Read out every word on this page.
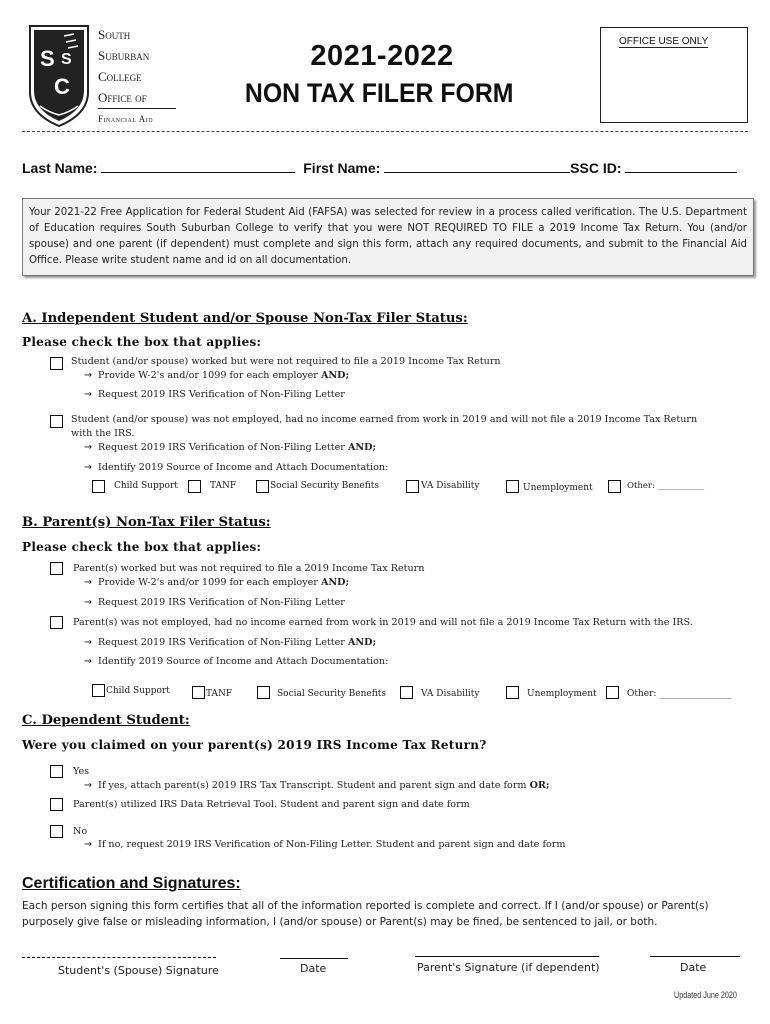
S S
C
South
Suburban
College
Office of
Financial Aid
2021-2022
NON TAX FILER FORM
OFFICE USE ONLY
Last Name:	First Name:	SSC ID:
Your 2021-22 Free Application for Federal Student Aid (FAFSA) was selected for review in a process called verification. The U.S. Department of Education requires South Suburban College to verify that you were NOT REQUIRED TO FILE a 2019 Income Tax Return. You (and/or spouse) and one parent (if dependent) must complete and sign this form, attach any required documents, and submit to the Financial Aid Office. Please write student name and id on all documentation.
A. Independent Student and/or Spouse Non-Tax Filer Status:
Please check the box that applies:
Student (and/or spouse) worked but were not required to file a 2019 Income Tax Return
→ Provide W-2's and/or 1099 for each employer AND;
→ Request 2019 IRS Verification of Non-Filing Letter
Student (and/or spouse) was not employed, had no income earned from work in 2019 and will not file a 2019 Income Tax Return
with the IRS.
→ Request 2019 IRS Verification of Non-Filing Letter AND;
→ Identify 2019 Source of Income and Attach Documentation:
Child Support	TANF	Social Security Benefits	VA Disability	Unemployment	Other: ___________
B. Parent(s) Non-Tax Filer Status:
Please check the box that applies:
Parent(s) worked but was not required to file a 2019 Income Tax Return
→ Provide W-2's and/or 1099 for each employer AND;
→ Request 2019 IRS Verification of Non-Filing Letter
Parent(s) was not employed, had no income earned from work in 2019 and will not file a 2019 Income Tax Return with the IRS.
→ Request 2019 IRS Verification of Non-Filing Letter AND;
→ Identify 2019 Source of Income and Attach Documentation:
Child Support	TANF	Social Security Benefits	VA Disability	Unemployment	Other: ________________
C. Dependent Student:
Were you claimed on your parent(s) 2019 IRS Income Tax Return?
Yes
→ If yes, attach parent(s) 2019 IRS Tax Transcript. Student and parent sign and date form OR;
Parent(s) utilized IRS Data Retrieval Tool. Student and parent sign and date form
No
→ If no, request 2019 IRS Verification of Non-Filing Letter. Student and parent sign and date form
Certification and Signatures:
Each person signing this form certifies that all of the information reported is complete and correct. If I (and/or spouse) or Parent(s) purposely give false or misleading information, I (and/or spouse) or Parent(s) may be fined, be sentenced to jail, or both.
Student's (Spouse) Signature	Date	Parent's Signature (if dependent)	Date
Updated June 2020
